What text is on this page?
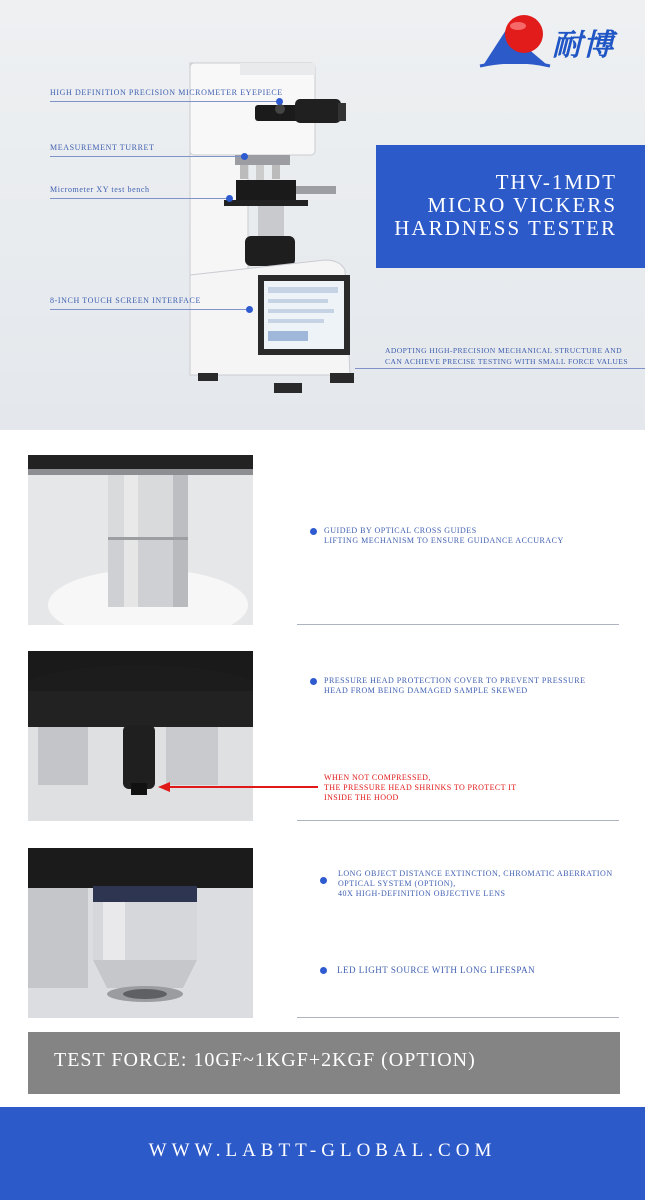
耐博
HIGH DEFINITION PRECISION MICROMETER EYEPIECE
MEASUREMENT TURRET
Micrometer XY test bench
8-INCH TOUCH SCREEN INTERFACE
THV-1MDT
MICRO VICKERS
HARDNESS TESTER
ADOPTING HIGH-PRECISION MECHANICAL STRUCTURE AND
CAN ACHIEVE PRECISE TESTING WITH SMALL FORCE VALUES
GUIDED BY OPTICAL CROSS GUIDES
LIFTING MECHANISM TO ENSURE GUIDANCE ACCURACY
PRESSURE HEAD PROTECTION COVER TO PREVENT PRESSURE
HEAD FROM BEING DAMAGED SAMPLE SKEWED
WHEN NOT COMPRESSED,
THE PRESSURE HEAD SHRINKS TO PROTECT IT
INSIDE THE HOOD
LONG OBJECT DISTANCE EXTINCTION, CHROMATIC ABERRATION
OPTICAL SYSTEM (OPTION),
40X HIGH-DEFINITION OBJECTIVE LENS
LED LIGHT SOURCE WITH LONG LIFESPAN
TEST FORCE: 10GF~1KGF+2KGF (OPTION)
WWW.LABTT-GLOBAL.COM
